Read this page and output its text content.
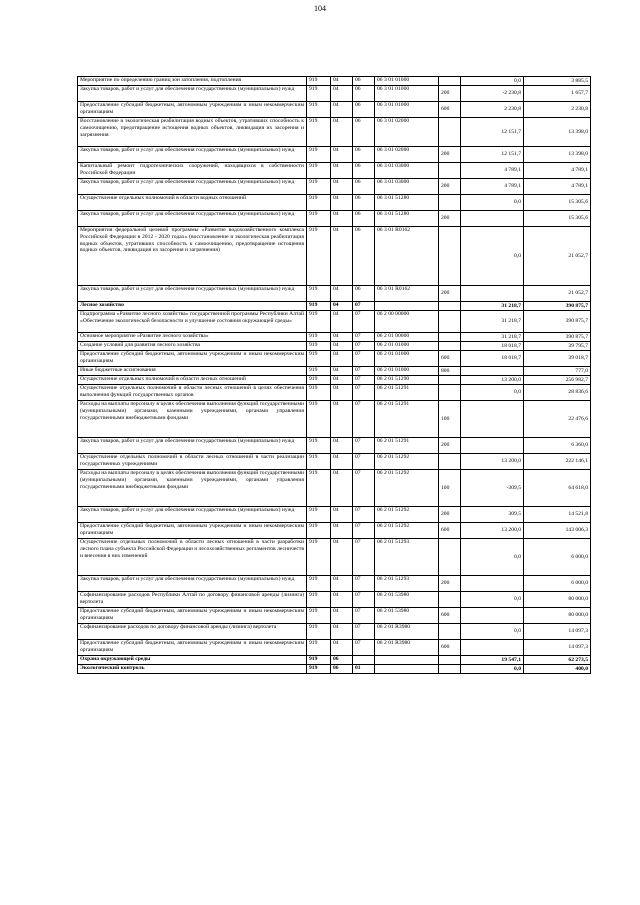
104
Мероприятие по определению границ зон затопления, подтопления	919	04	06	06 3 01 01000		0,0	3 885,5
Закупка товаров, работ и услуг для обеспечения государственных (муниципальных) нужд	919	04	06	06 3 01 01000	200	-2 230,8	1 657,7
Предоставление субсидий бюджетным, автономным учреждениям и иным некоммерческим организациям	919	04	06	06 3 01 01000	600	2 230,8	2 230,8
Восстановление и экологическая реабилитация водных объектов, утративших способность к самоочищению, предотвращение истощения водных объектов, ликвидация их засорения и загрязнения	919	04	06	06 3 01 02000		12 151,7	13 398,0
Закупка товаров, работ и услуг для обеспечения государственных (муниципальных) нужд	919	04	06	06 3 01 02000	200	12 151,7	13 398,0
Капитальный ремонт гидротехнических сооружений, находящихся в собственности Российской Федерации	919	04	06	06 3 01 03000		4 789,1	4 789,1
Закупка товаров, работ и услуг для обеспечения государственных (муниципальных) нужд	919	04	06	06 3 01 03000	200	4 789,1	4 789,1
Осуществление отдельных полномочий в области водных отношений	919	04	06	06 3 01 51280		0,0	15 305,6
Закупка товаров, работ и услуг для обеспечения государственных (муниципальных) нужд	919	04	06	06 3 01 51280	200		15 305,6
Мероприятия федеральной целевой программы «Развитие водохозяйственного комплекса Российской Федерации в 2012 - 2020 годах» (восстановление и экологическая реабилитация водных объектов, утративших способность к самоочищению, предотвращение истощения водных объектов, ликвидация их засорения и загрязнения)	919	04	06	06 3 01 R0162		0,0	21 052,7
Закупка товаров, работ и услуг для обеспечения государственных (муниципальных) нужд	919	04	06	06 3 01 R0162	200		21 052,7
Лесное хозяйство	919	04	07			31 218,7	390 875,7
Подпрограмма «Развитие лесного хозяйства» государственной программы Республики Алтай «Обеспечение экологической безопасности и улучшение состояния окружающей среды»	919	04	07	06 2 00 00000		31 218,7	390 875,7
Основное мероприятие «Развитие лесного хозяйства»	919	04	07	06 2 01 00000		31 218,7	390 875,7
Создание условий для развития лесного хозяйства	919	04	07	06 2 01 01000		18 018,7	39 795,7
Предоставление субсидий бюджетным, автономным учреждениям и иным некоммерческим организациям	919	04	07	06 2 01 01000	600	18 018,7	39 018,7
Иные бюджетные ассигнования	919	04	07	06 2 01 01000	800		777,0
Осуществление отдельных полномочий в области лесных отношений	919	04	07	06 2 01 51290		13 200,0	256 982,7
Осуществление отдельных полномочий в области лесных отношений в целях обеспечения выполнения функций государственных органов	919	04	07	06 2 01 51291		0,0	28 836,6
Расходы на выплаты персоналу в целях обеспечения выполнения функций государственными (муниципальными) органами, казенными учреждениями, органами управления государственными внебюджетными фондами	919	04	07	06 2 01 51291	100		22 476,6
Закупка товаров, работ и услуг для обеспечения государственных (муниципальных) нужд	919	04	07	06 2 01 51291	200		6 360,0
Осуществление отдельных полномочий в области лесных отношений в части реализации государственных учреждениями	919	04	07	06 2 01 51292		13 200,0	222 146,1
Расходы на выплаты персоналу в целях обеспечения выполнения функций государственными (муниципальными) органами, казенными учреждениями, органами управления государственными внебюджетными фондами	919	04	07	06 2 01 51292	100	-309,5	64 618,0
Закупка товаров, работ и услуг для обеспечения государственных (муниципальных) нужд	919	04	07	06 2 01 51292	200	309,5	14 521,8
Предоставление субсидий бюджетным, автономным учреждениям и иным некоммерческим организациям	919	04	07	06 2 01 51292	600	13 200,0	143 006,3
Осуществление отдельных полномочий в области лесных отношений в части разработки лесного плана субъекта Российской Федерации и лесохозяйственных регламентов лесничеств и внесения в них изменений	919	04	07	06 2 01 51293		0,0	6 000,0
Закупка товаров, работ и услуг для обеспечения государственных (муниципальных) нужд	919	04	07	06 2 01 51293	200		6 000,0
Софинансирование расходов Республики Алтай по договору финансовой аренды (лизинга) вертолета	919	04	07	06 2 01 53980		0,0	80 000,0
Предоставление субсидий бюджетным, автономным учреждениям и иным некоммерческим организациям	919	04	07	06 2 01 53980	600		80 000,0
Софинансирование расходов по договору финансовой аренды (лизинга) вертолета	919	04	07	06 2 01 R3980		0,0	14 097,3
Предоставление субсидий бюджетным, автономным учреждениям и иным некоммерческим организациям	919	04	07	06 2 01 R3980	600		14 097,3
Охрана окружающей среды	919	06				19 547,1	62 273,5
Экологический контроль	919	06	01			0,0	400,0
